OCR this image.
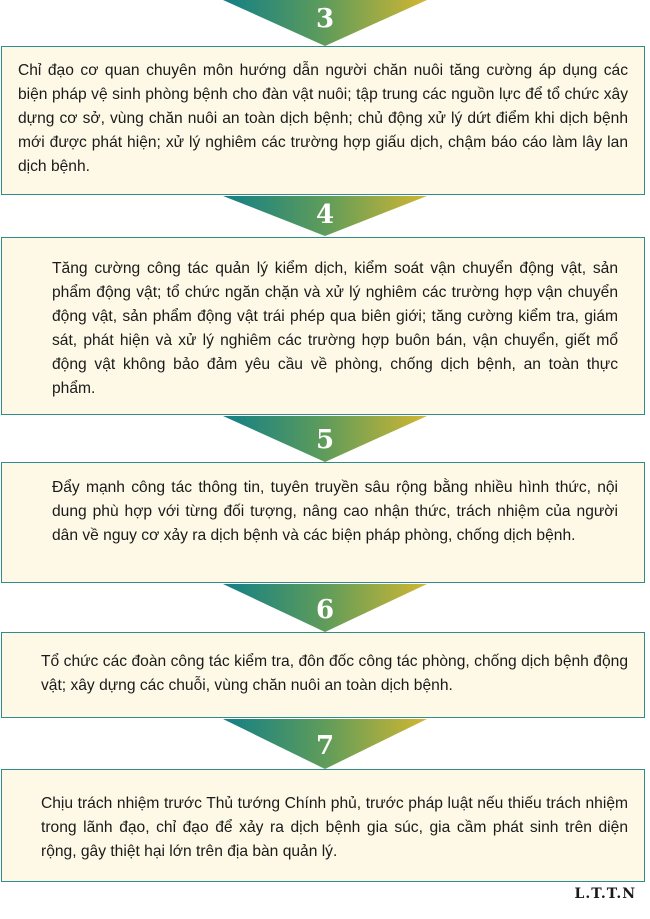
3

Chỉ đạo cơ quan chuyên môn hướng dẫn người chăn nuôi tăng cường áp dụng các biện pháp vệ sinh phòng bệnh cho đàn vật nuôi; tập trung các nguồn lực để tổ chức xây dựng cơ sở, vùng chăn nuôi an toàn dịch bệnh; chủ động xử lý dứt điểm khi dịch bệnh mới được phát hiện; xử lý nghiêm các trường hợp giấu dịch, chậm báo cáo làm lây lan dịch bệnh.

4

Tăng cường công tác quản lý kiểm dịch, kiểm soát vận chuyển động vật, sản phẩm động vật; tổ chức ngăn chặn và xử lý nghiêm các trường hợp vận chuyển động vật, sản phẩm động vật trái phép qua biên giới; tăng cường kiểm tra, giám sát, phát hiện và xử lý nghiêm các trường hợp buôn bán, vận chuyển, giết mổ động vật không bảo đảm yêu cầu về phòng, chống dịch bệnh, an toàn thực phẩm.

5

Đẩy mạnh công tác thông tin, tuyên truyền sâu rộng bằng nhiều hình thức, nội dung phù hợp với từng đối tượng, nâng cao nhận thức, trách nhiệm của người dân về nguy cơ xảy ra dịch bệnh và các biện pháp phòng, chống dịch bệnh.

6

Tổ chức các đoàn công tác kiểm tra, đôn đốc công tác phòng, chống dịch bệnh động vật; xây dựng các chuỗi, vùng chăn nuôi an toàn dịch bệnh.

7

Chịu trách nhiệm trước Thủ tướng Chính phủ, trước pháp luật nếu thiếu trách nhiệm trong lãnh đạo, chỉ đạo để xảy ra dịch bệnh gia súc, gia cầm phát sinh trên diện rộng, gây thiệt hại lớn trên địa bàn quản lý.

L.T.T.N
